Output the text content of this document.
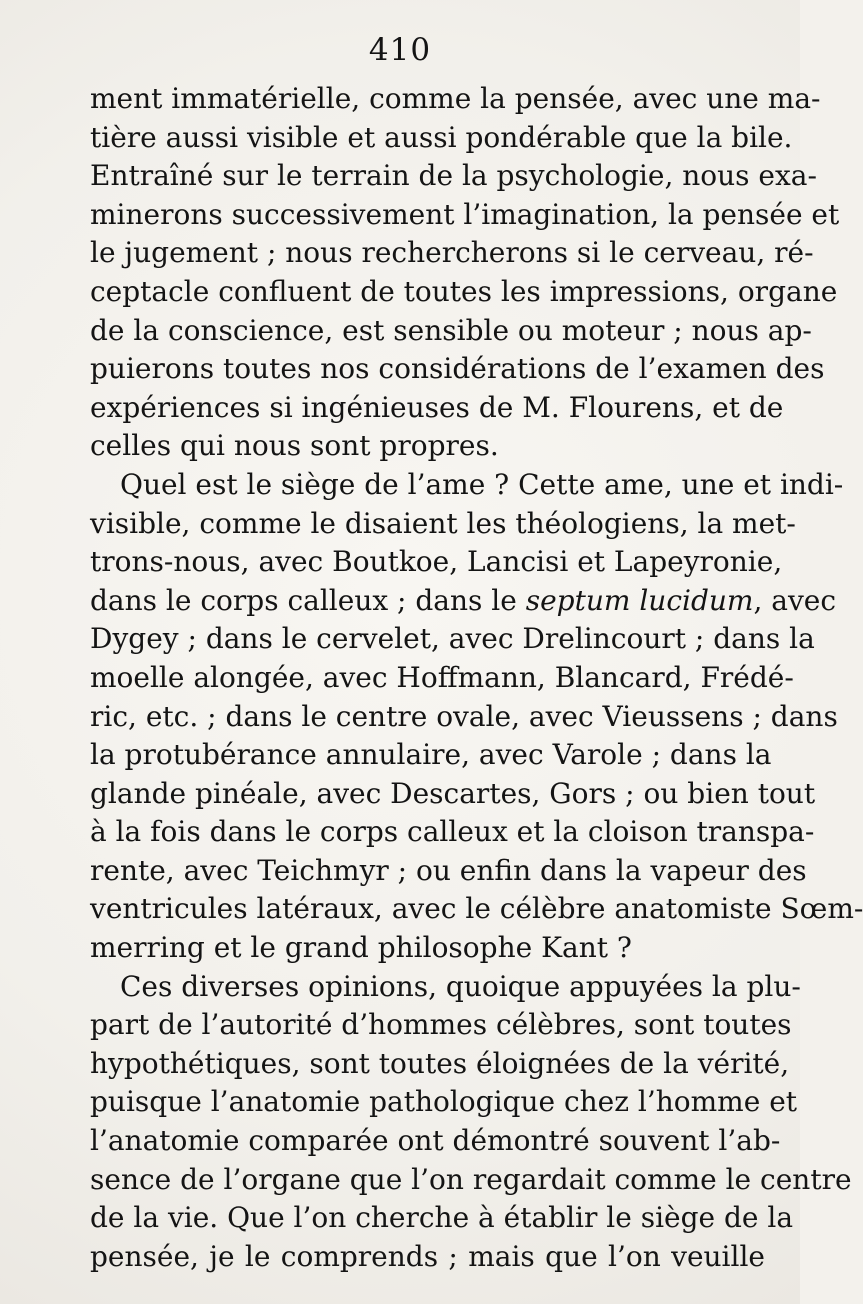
410
ment immatérielle, comme la pensée, avec une ma-
tière aussi visible et aussi pondérable que la bile.
Entraîné sur le terrain de la psychologie, nous exa-
minerons successivement l’imagination, la pensée et
le jugement ; nous rechercherons si le cerveau, ré-
ceptacle confluent de toutes les impressions, organe
de la conscience, est sensible ou moteur ; nous ap-
puierons toutes nos considérations de l’examen des
expériences si ingénieuses de M. Flourens, et de
celles qui nous sont propres.
Quel est le siège de l’ame ? Cette ame, une et indi-
visible, comme le disaient les théologiens, la met-
trons-nous, avec Boutkoe, Lancisi et Lapeyronie,
dans le corps calleux ; dans le septum lucidum, avec
Dygey ; dans le cervelet, avec Drelincourt ; dans la
moelle alongée, avec Hoffmann, Blancard, Frédé-
ric, etc. ; dans le centre ovale, avec Vieussens ; dans
la protubérance annulaire, avec Varole ; dans la
glande pinéale, avec Descartes, Gors ; ou bien tout
à la fois dans le corps calleux et la cloison transpa-
rente, avec Teichmyr ; ou enfin dans la vapeur des
ventricules latéraux, avec le célèbre anatomiste Sœm-
merring et le grand philosophe Kant ?
Ces diverses opinions, quoique appuyées la plu-
part de l’autorité d’hommes célèbres, sont toutes
hypothétiques, sont toutes éloignées de la vérité,
puisque l’anatomie pathologique chez l’homme et
l’anatomie comparée ont démontré souvent l’ab-
sence de l’organe que l’on regardait comme le centre
de la vie. Que l’on cherche à établir le siège de la
pensée, je le comprends ; mais que l’on veuille
